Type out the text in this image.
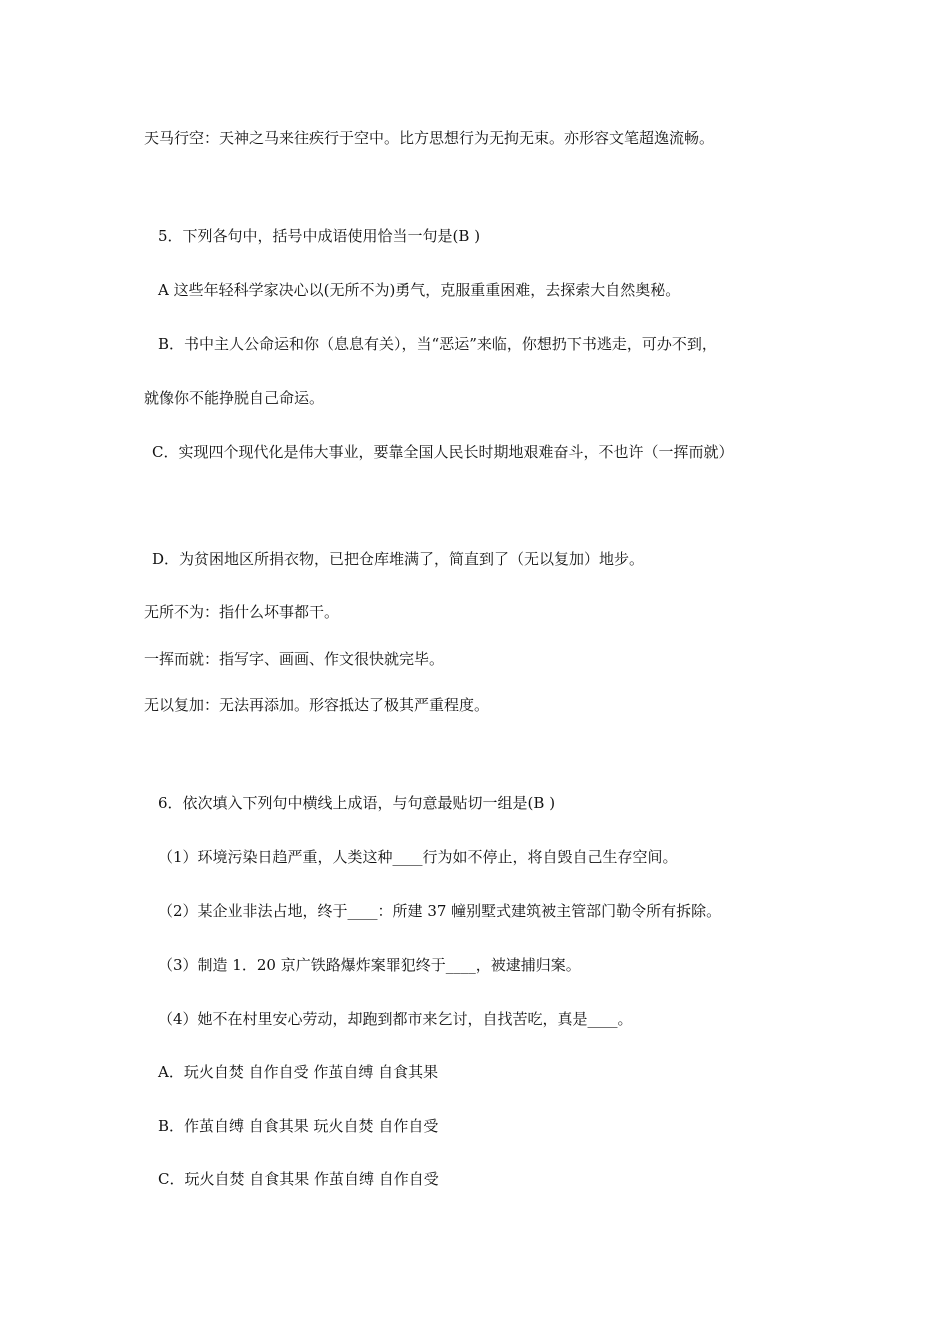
天马行空：天神之马来往疾行于空中。比方思想行为无拘无束。亦形容文笔超逸流畅。
5．下列各句中，括号中成语使用恰当一句是(B )
A 这些年轻科学家决心以(无所不为)勇气，克服重重困难，去探索大自然奥秘。
B．书中主人公命运和你（息息有关），当“恶运”来临，你想扔下书逃走，可办不到，
就像你不能挣脱自己命运。
C．实现四个现代化是伟大事业，要靠全国人民长时期地艰难奋斗，不也许（一挥而就）
D．为贫困地区所捐衣物，已把仓库堆满了，简直到了（无以复加）地步。
无所不为：指什么坏事都干。
一挥而就：指写字、画画、作文很快就完毕。
无以复加：无法再添加。形容抵达了极其严重程度。
6．依次填入下列句中横线上成语，与句意最贴切一组是(B )
（1）环境污染日趋严重，人类这种____行为如不停止，将自毁自己生存空间。
（2）某企业非法占地，终于____：所建 37 幢别墅式建筑被主管部门勒令所有拆除。
（3）制造 1．20 京广铁路爆炸案罪犯终于____，被逮捕归案。
（4）她不在村里安心劳动，却跑到都市来乞讨，自找苦吃，真是____。
A．玩火自焚 自作自受 作茧自缚 自食其果
B．作茧自缚 自食其果 玩火自焚 自作自受
C．玩火自焚 自食其果 作茧自缚 自作自受
